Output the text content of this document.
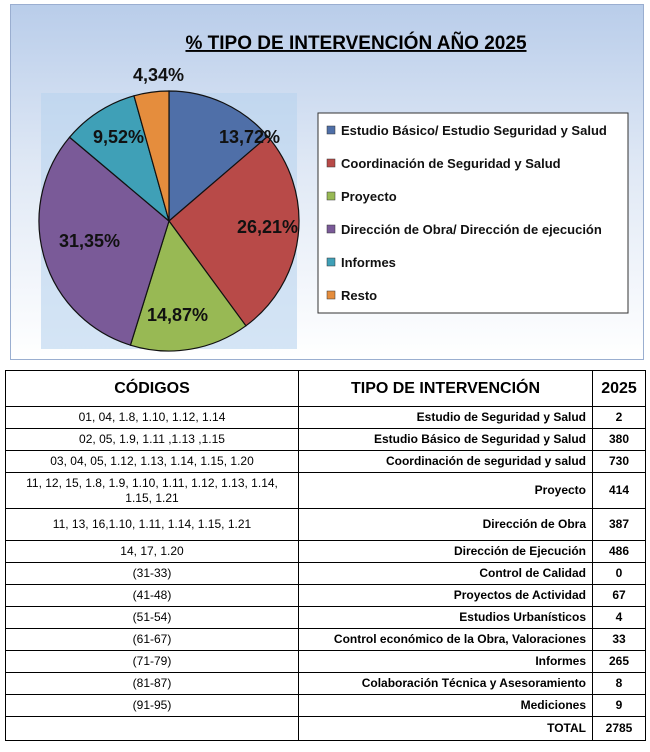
% TIPO DE INTERVENCIÓN AÑO 2025
13,72%
26,21%
14,87%
31,35%
9,52%
4,34%
Estudio Básico/ Estudio Seguridad y Salud
Coordinación de Seguridad y Salud
Proyecto
Dirección de Obra/ Dirección de ejecución
Informes
Resto
CÓDIGOS	TIPO DE INTERVENCIÓN	2025
01, 04, 1.8, 1.10, 1.12, 1.14	Estudio de Seguridad y Salud	2
02, 05, 1.9, 1.11 ,1.13 ,1.15	Estudio Básico de Seguridad y Salud	380
03, 04, 05, 1.12, 1.13, 1.14, 1.15, 1.20	Coordinación de seguridad y salud	730
11, 12, 15, 1.8, 1.9, 1.10, 1.11, 1.12, 1.13, 1.14, 1.15, 1.21	Proyecto	414
11, 13, 16,1.10, 1.11, 1.14, 1.15, 1.21	Dirección de Obra	387
14, 17, 1.20	Dirección de Ejecución	486
(31-33)	Control de Calidad	0
(41-48)	Proyectos de Actividad	67
(51-54)	Estudios Urbanísticos	4
(61-67)	Control económico de la Obra, Valoraciones	33
(71-79)	Informes	265
(81-87)	Colaboración Técnica y Asesoramiento	8
(91-95)	Mediciones	9
	TOTAL	2785
